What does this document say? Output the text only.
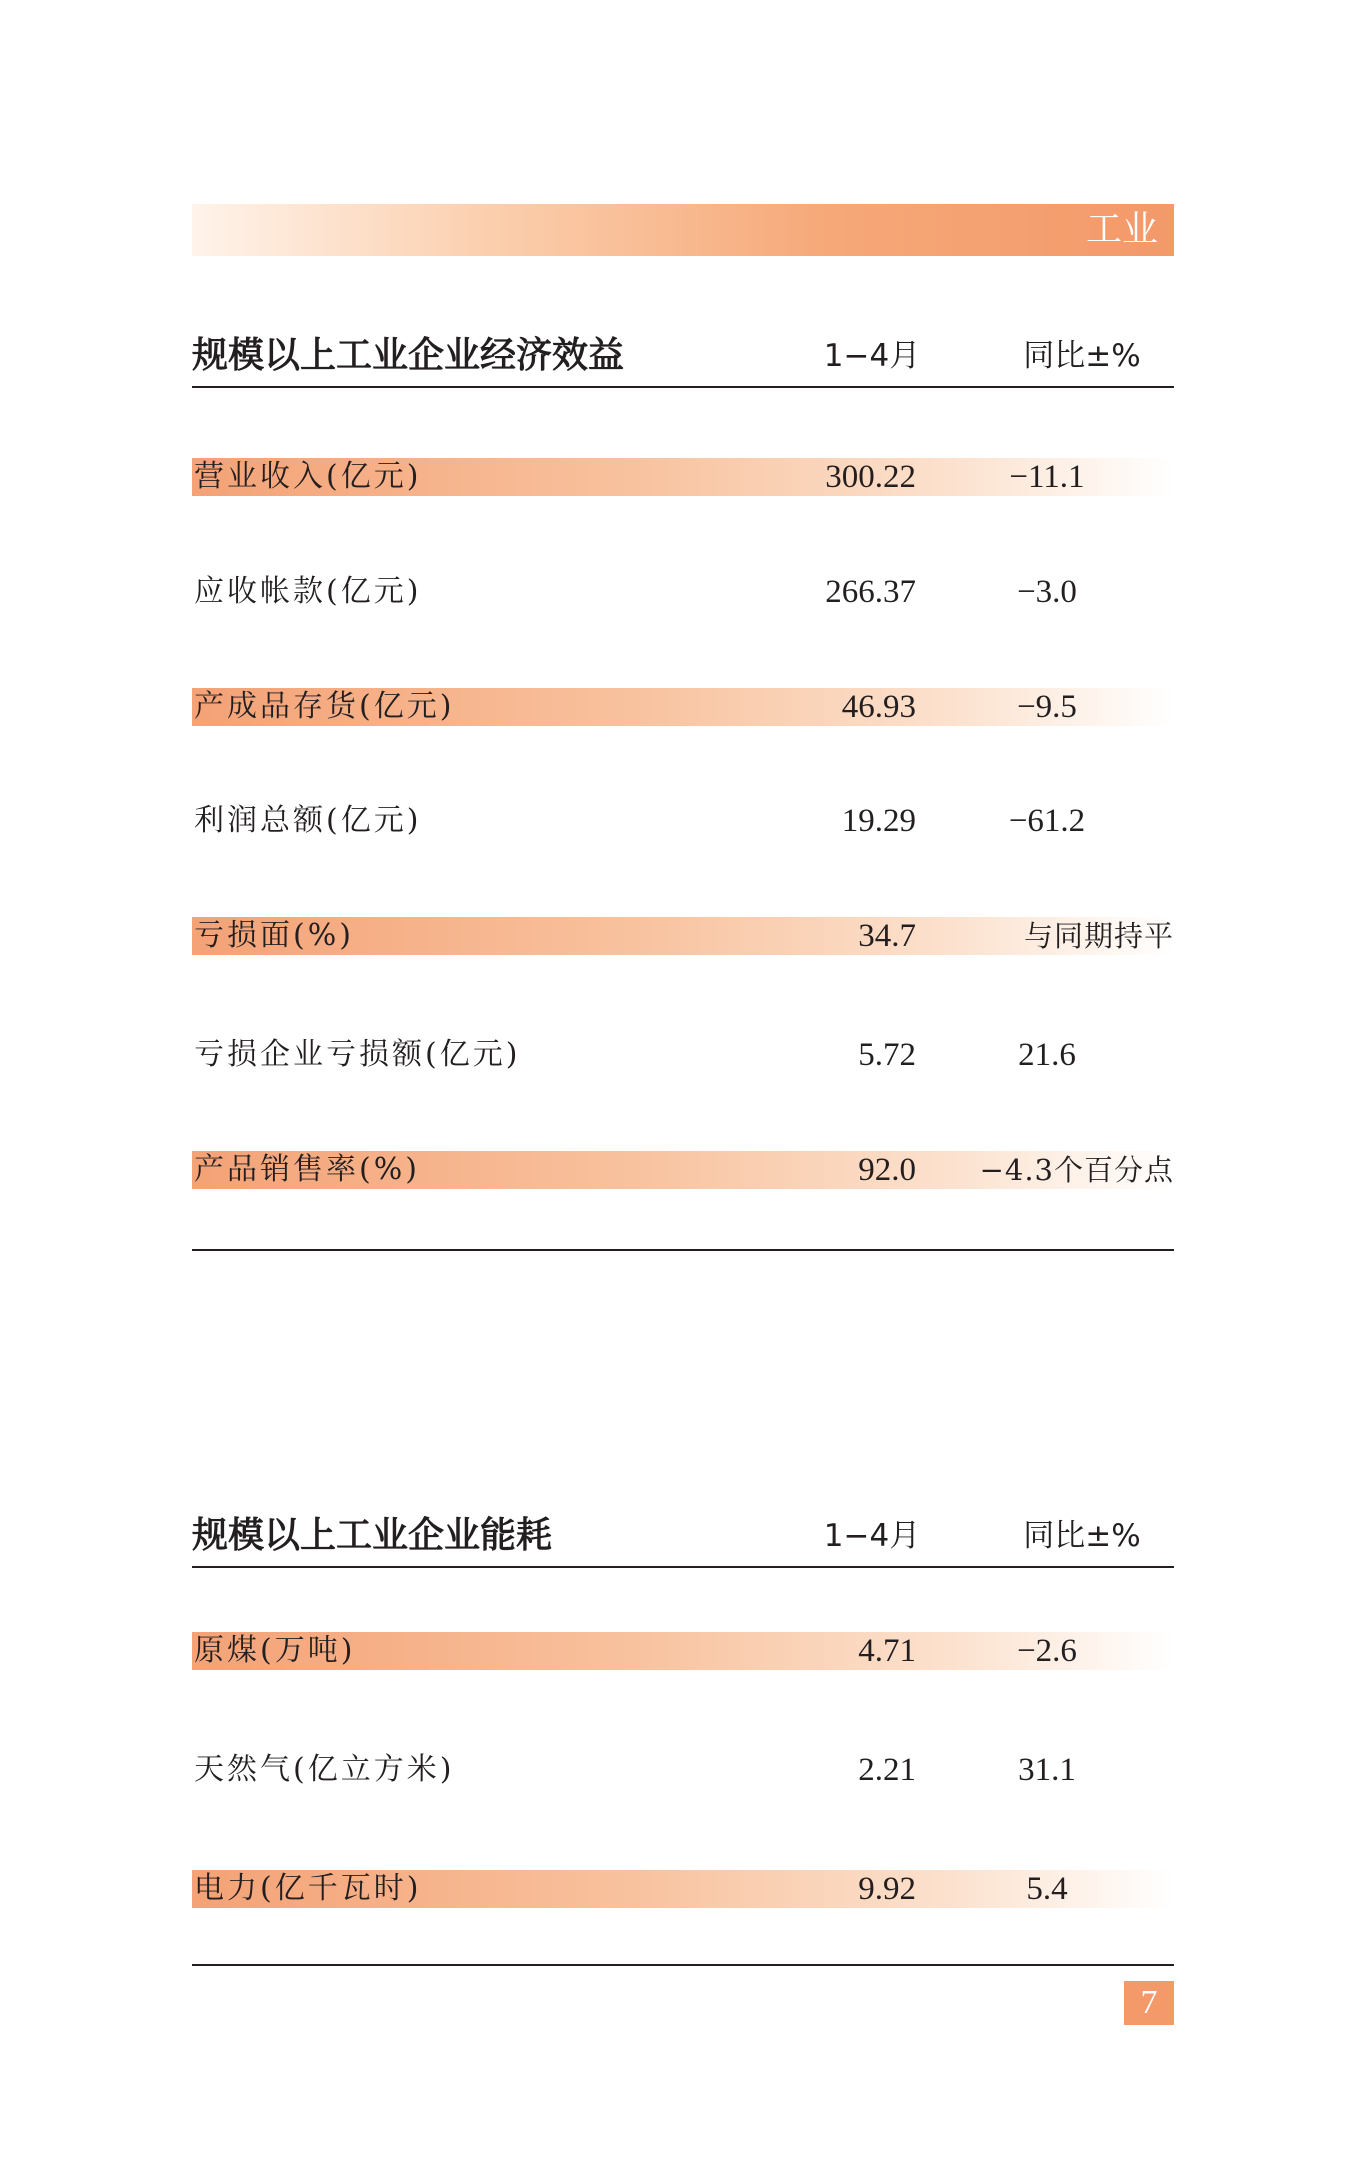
工业
规模以上工业企业经济效益	1−4月	同比±%
营业收入(亿元)	300.22	−11.1
应收帐款(亿元)	266.37	−3.0
产成品存货(亿元)	46.93	−9.5
利润总额(亿元)	19.29	−61.2
亏损面(%)	34.7	与同期持平
亏损企业亏损额(亿元)	5.72	21.6
产品销售率(%)	92.0	−4.3个百分点
规模以上工业企业能耗	1−4月	同比±%
原煤(万吨)	4.71	−2.6
天然气(亿立方米)	2.21	31.1
电力(亿千瓦时)	9.92	5.4
7
